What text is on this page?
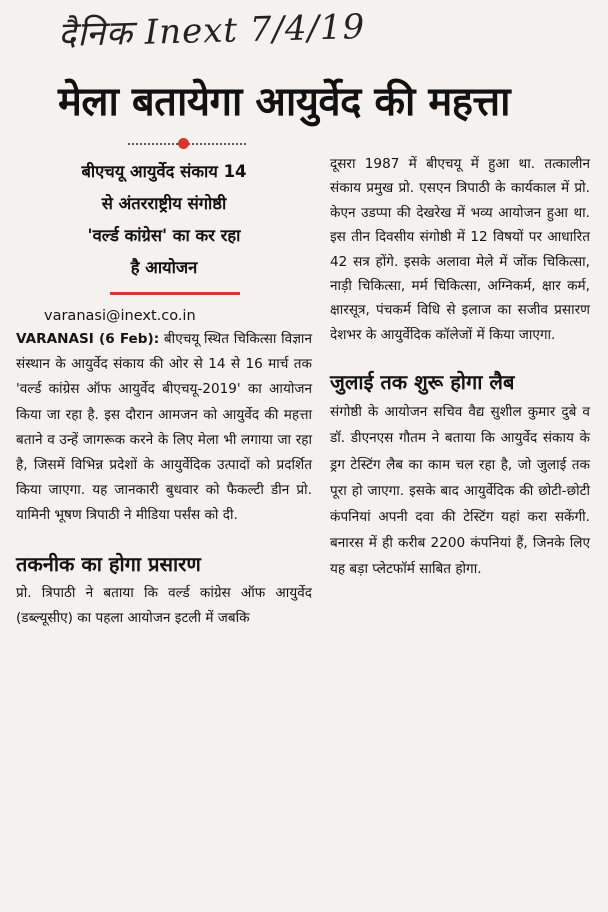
दैनिक Inext 7/4/19
मेला बतायेगा आयुर्वेद की महत्ता
बीएचयू आयुर्वेद संकाय 14
से अंतरराष्ट्रीय संगोष्ठी
'वर्ल्ड कांग्रेस' का कर रहा
है आयोजन
varanasi@inext.co.in

VARANASI (6 Feb): बीएचयू स्थित चिकित्सा विज्ञान संस्थान के आयुर्वेद संकाय की ओर से 14 से 16 मार्च तक 'वर्ल्ड कांग्रेस ऑफ आयुर्वेद बीएचयू-2019' का आयोजन किया जा रहा है. इस दौरान आमजन को आयुर्वेद की महत्ता बताने व उन्हें जागरूक करने के लिए मेला भी लगाया जा रहा है, जिसमें विभिन्न प्रदेशों के आयुर्वेदिक उत्पादों को प्रदर्शित किया जाएगा. यह जानकारी बुधवार को फैकल्टी डीन प्रो. यामिनी भूषण त्रिपाठी ने मीडिया पर्संस को दी.

तकनीक का होगा प्रसारण

प्रो. त्रिपाठी ने बताया कि वर्ल्ड कांग्रेस ऑफ आयुर्वेद (डब्ल्यूसीए) का पहला आयोजन इटली में जबकि

दूसरा 1987 में बीएचयू में हुआ था. तत्कालीन संकाय प्रमुख प्रो. एसएन त्रिपाठी के कार्यकाल में प्रो. केएन उडप्पा की देखरेख में भव्य आयोजन हुआ था. इस तीन दिवसीय संगोष्ठी में 12 विषयों पर आधारित 42 सत्र होंगे. इसके अलावा मेले में जोंक चिकित्सा, नाड़ी चिकित्सा, मर्म चिकित्सा, अग्निकर्म, क्षार कर्म, क्षारसूत्र, पंचकर्म विधि से इलाज का सजीव प्रसारण देशभर के आयुर्वेदिक कॉलेजों में किया जाएगा.

जुलाई तक शुरू होगा लैब

संगोष्ठी के आयोजन सचिव वैद्य सुशील कुमार दुबे व डॉ. डीएनएस गौतम ने बताया कि आयुर्वेद संकाय के ड्रग टेस्टिंग लैब का काम चल रहा है, जो जुलाई तक पूरा हो जाएगा. इसके बाद आयुर्वेदिक की छोटी-छोटी कंपनियां अपनी दवा की टेस्टिंग यहां करा सकेंगी. बनारस में ही करीब 2200 कंपनियां हैं, जिनके लिए यह बड़ा प्लेटफॉर्म साबित होगा.
